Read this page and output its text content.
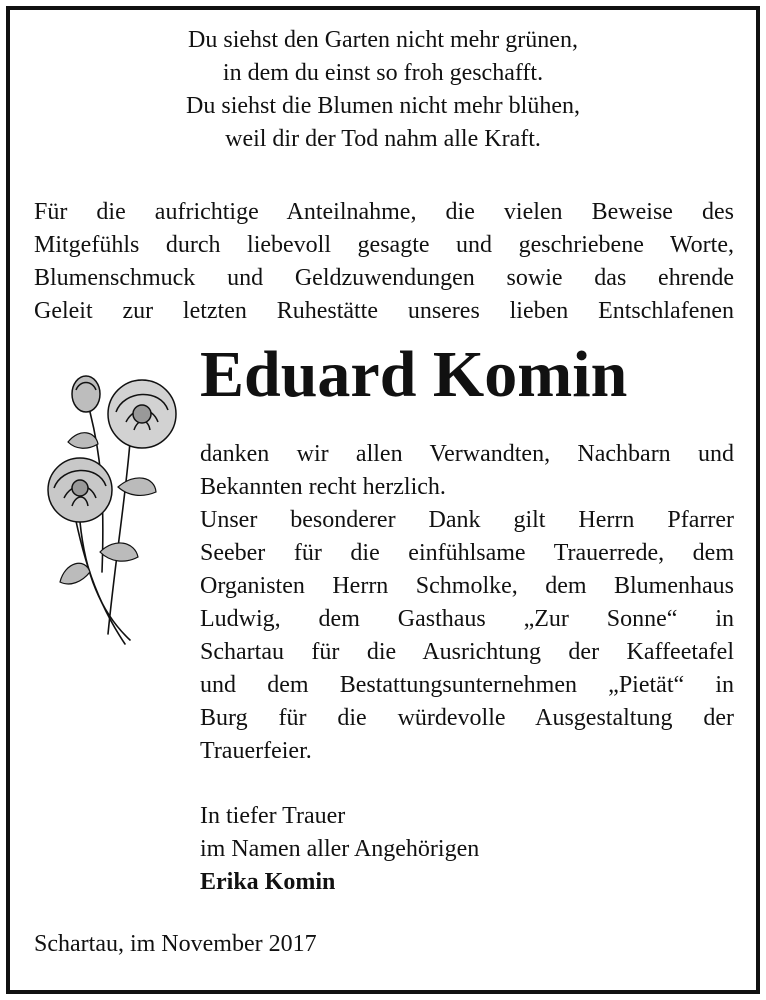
Du siehst den Garten nicht mehr grünen,
in dem du einst so froh geschafft.
Du siehst die Blumen nicht mehr blühen,
weil dir der Tod nahm alle Kraft.
Für die aufrichtige Anteilnahme, die vielen Beweise des
Mitgefühls durch liebevoll gesagte und geschriebene Worte,
Blumenschmuck und Geldzuwendungen sowie das ehrende
Geleit zur letzten Ruhestätte unseres lieben Entschlafenen
Eduard Komin
danken wir allen Verwandten, Nachbarn und
Bekannten recht herzlich.
Unser besonderer Dank gilt Herrn Pfarrer
Seeber für die einfühlsame Trauerrede, dem
Organisten Herrn Schmolke, dem Blumenhaus
Ludwig, dem Gasthaus „Zur Sonne“ in
Schartau für die Ausrichtung der Kaffeetafel
und dem Bestattungsunternehmen „Pietät“ in
Burg für die würdevolle Ausgestaltung der
Trauerfeier.
In tiefer Trauer
im Namen aller Angehörigen
Erika Komin
Schartau, im November 2017
